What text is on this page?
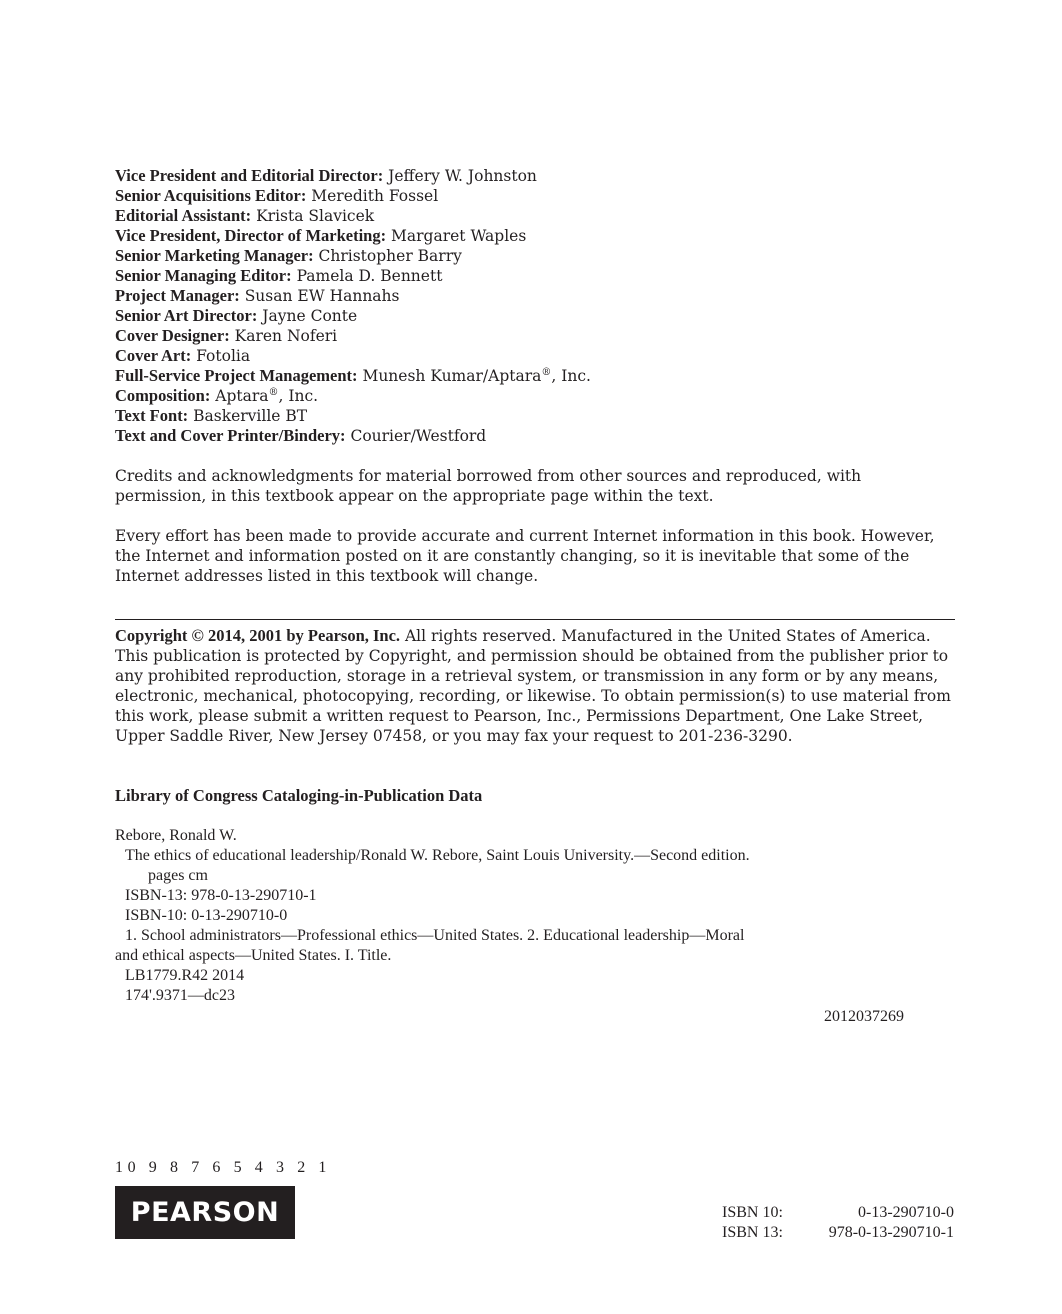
Vice President and Editorial Director: Jeffery W. Johnston
Senior Acquisitions Editor: Meredith Fossel
Editorial Assistant: Krista Slavicek
Vice President, Director of Marketing: Margaret Waples
Senior Marketing Manager: Christopher Barry
Senior Managing Editor: Pamela D. Bennett
Project Manager: Susan EW Hannahs
Senior Art Director: Jayne Conte
Cover Designer: Karen Noferi
Cover Art: Fotolia
Full-Service Project Management: Munesh Kumar/Aptara®, Inc.
Composition: Aptara®, Inc.
Text Font: Baskerville BT
Text and Cover Printer/Bindery: Courier/Westford
Credits and acknowledgments for material borrowed from other sources and reproduced, with permission, in this textbook appear on the appropriate page within the text.
Every effort has been made to provide accurate and current Internet information in this book. However, the Internet and information posted on it are constantly changing, so it is inevitable that some of the Internet addresses listed in this textbook will change.
Copyright © 2014, 2001 by Pearson, Inc. All rights reserved. Manufactured in the United States of America. This publication is protected by Copyright, and permission should be obtained from the publisher prior to any prohibited reproduction, storage in a retrieval system, or transmission in any form or by any means, electronic, mechanical, photocopying, recording, or likewise. To obtain permission(s) to use material from this work, please submit a written request to Pearson, Inc., Permissions Department, One Lake Street, Upper Saddle River, New Jersey 07458, or you may fax your request to 201-236-3290.
Library of Congress Cataloging-in-Publication Data
Rebore, Ronald W.
The ethics of educational leadership/Ronald W. Rebore, Saint Louis University.—Second edition.
pages cm
ISBN-13: 978-0-13-290710-1
ISBN-10: 0-13-290710-0
1. School administrators—Professional ethics—United States. 2. Educational leadership—Moral
and ethical aspects—United States. I. Title.
LB1779.R42 2014
174'.9371—dc23
2012037269
10 9 8 7 6 5 4 3 2 1
PEARSON	ISBN 10:	0-13-290710-0
ISBN 13:	978-0-13-290710-1
